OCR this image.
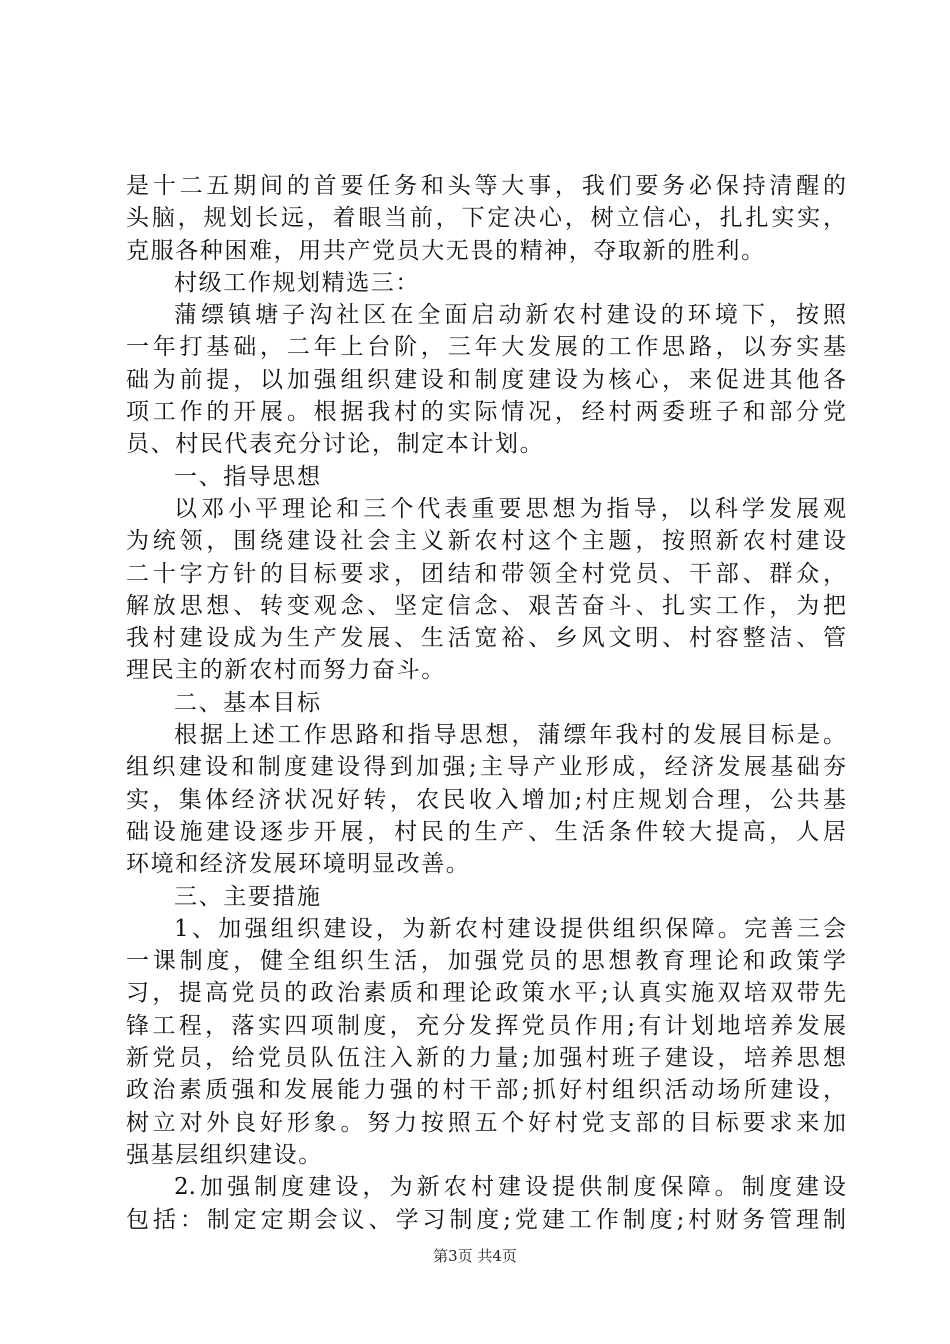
是十二五期间的首要任务和头等大事，我们要务必保持清醒的
头脑，规划长远，着眼当前，下定决心，树立信心，扎扎实实，
克服各种困难，用共产党员大无畏的精神，夺取新的胜利。
村级工作规划精选三：
蒲缥镇塘子沟社区在全面启动新农村建设的环境下，按照
一年打基础，二年上台阶，三年大发展的工作思路，以夯实基
础为前提，以加强组织建设和制度建设为核心，来促进其他各
项工作的开展。根据我村的实际情况，经村两委班子和部分党
员、村民代表充分讨论，制定本计划。
一、指导思想
以邓小平理论和三个代表重要思想为指导，以科学发展观
为统领，围绕建设社会主义新农村这个主题，按照新农村建设
二十字方针的目标要求，团结和带领全村党员、干部、群众，
解放思想、转变观念、坚定信念、艰苦奋斗、扎实工作，为把
我村建设成为生产发展、生活宽裕、乡风文明、村容整洁、管
理民主的新农村而努力奋斗。
二、基本目标
根据上述工作思路和指导思想，蒲缥年我村的发展目标是。
组织建设和制度建设得到加强;主导产业形成，经济发展基础夯
实，集体经济状况好转，农民收入增加;村庄规划合理，公共基
础设施建设逐步开展，村民的生产、生活条件较大提高，人居
环境和经济发展环境明显改善。
三、主要措施
1、加强组织建设，为新农村建设提供组织保障。完善三会
一课制度，健全组织生活，加强党员的思想教育理论和政策学
习，提高党员的政治素质和理论政策水平;认真实施双培双带先
锋工程，落实四项制度，充分发挥党员作用;有计划地培养发展
新党员，给党员队伍注入新的力量;加强村班子建设，培养思想
政治素质强和发展能力强的村干部;抓好村组织活动场所建设，
树立对外良好形象。努力按照五个好村党支部的目标要求来加
强基层组织建设。
2.加强制度建设，为新农村建设提供制度保障。制度建设
包括：制定定期会议、学习制度;党建工作制度;村财务管理制
第3页 共4页
